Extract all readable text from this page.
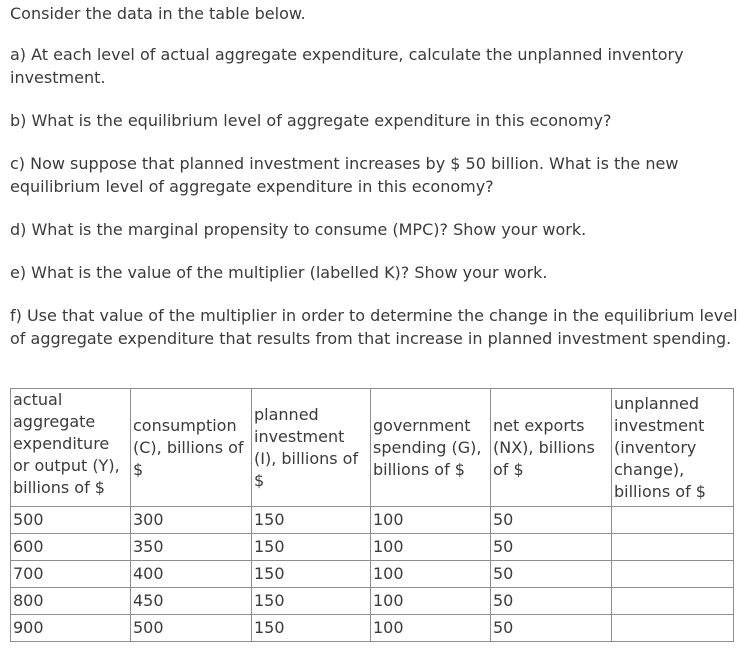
Consider the data in the table below.

a) At each level of actual aggregate expenditure, calculate the unplanned inventory investment.

b) What is the equilibrium level of aggregate expenditure in this economy?

c) Now suppose that planned investment increases by $ 50 billion. What is the new equilibrium level of aggregate expenditure in this economy?

d) What is the marginal propensity to consume (MPC)? Show your work.

e) What is the value of the multiplier (labelled K)? Show your work.

f) Use that value of the multiplier in order to determine the change in the equilibrium level of aggregate expenditure that results from that increase in planned investment spending.

actual aggregate expenditure or output (Y), billions of $	consumption (C), billions of $	planned investment (I), billions of $	government spending (G), billions of $	net exports (NX), billions of $	unplanned investment (inventory change), billions of $
500	300	150	100	50	
600	350	150	100	50	
700	400	150	100	50	
800	450	150	100	50	
900	500	150	100	50	
